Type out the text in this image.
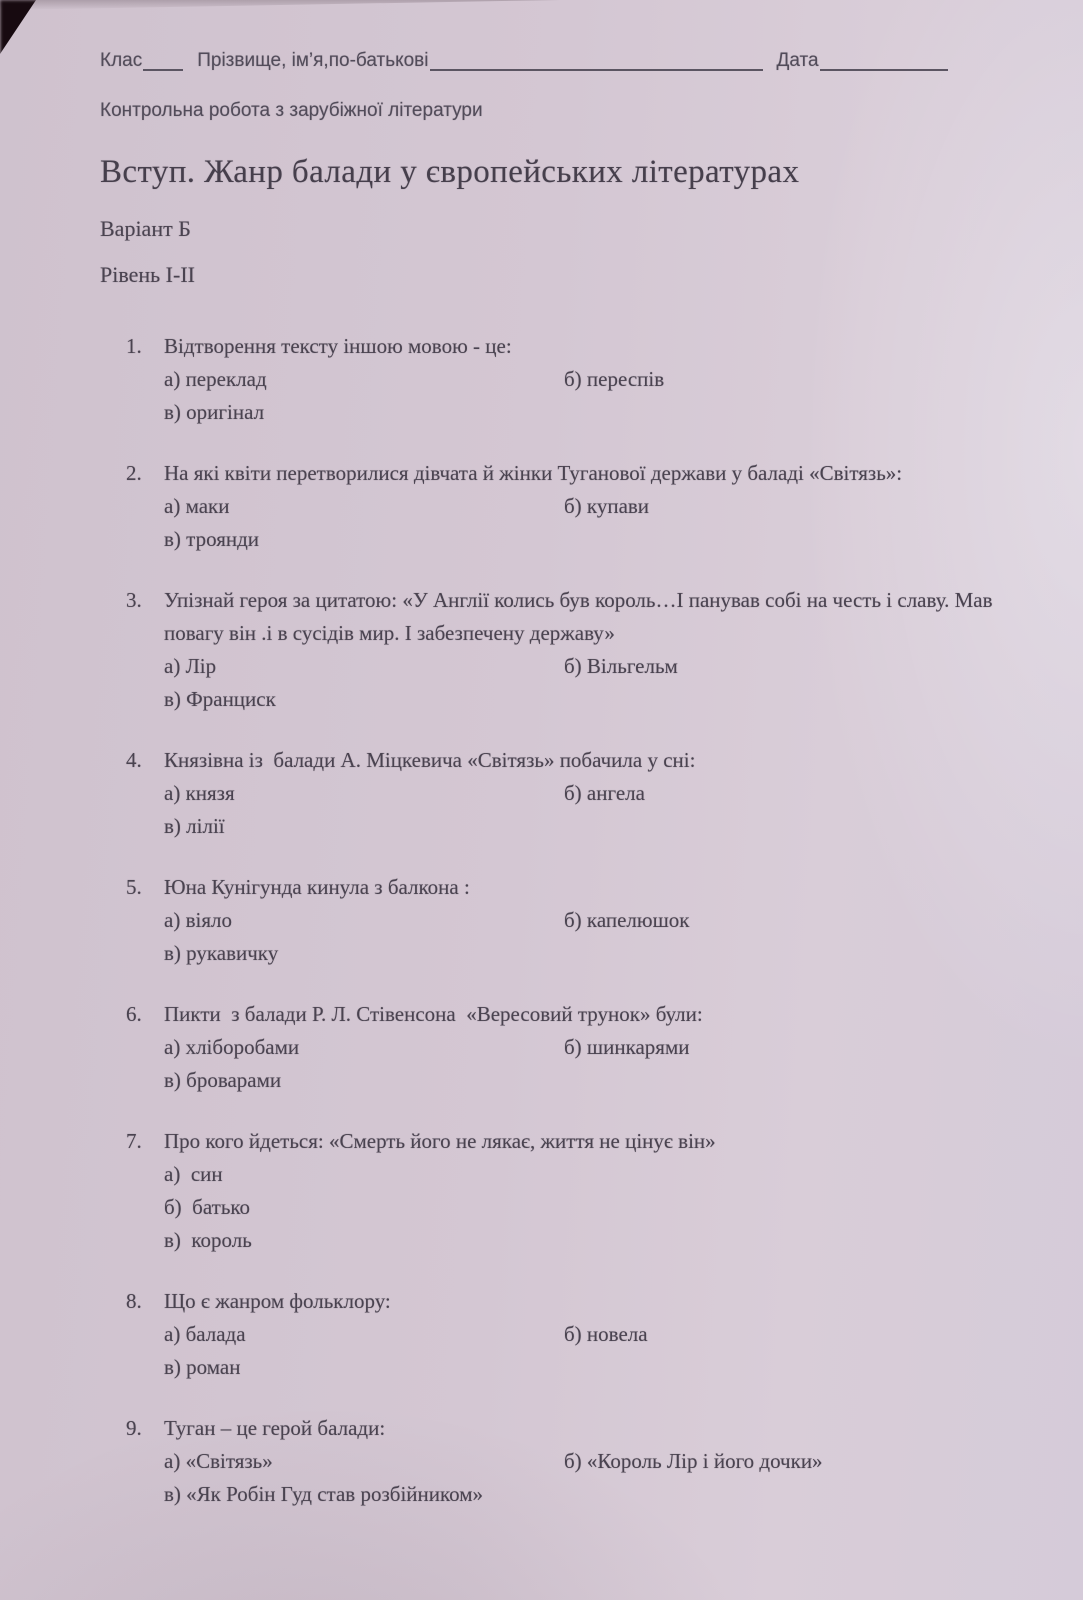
Клас	Прізвище, ім’я,по-батькові	Дата
Контрольна робота з зарубіжної літератури
Вступ. Жанр балади у європейських літературах
Варіант Б
Рівень I-II
1.	Відтворення тексту іншою мовою - це:
а) переклад	б) переспів
в) оригінал
2.	На які квіти перетворилися дівчата й жінки Туганової держави у баладі «Світязь»:
а) маки	б) купави
в) троянди
3.	Упізнай героя за цитатою: «У Англії колись був король…І панував собі на честь і славу. Мав повагу він .і в сусідів мир. І забезпечену державу»
а) Лір	б) Вільгельм
в) Франциск
4.	Князівна із  балади А. Міцкевича «Світязь» побачила у сні:
а) князя	б) ангела
в) лілії
5.	Юна Кунігунда кинула з балкона :
а) віяло	б) капелюшок
в) рукавичку
6.	Пикти  з балади Р. Л. Стівенсона  «Вересовий трунок» були:
а) хліборобами	б) шинкарями
в) броварами
7.	Про кого йдеться: «Смерть його не лякає, життя не цінує він»
а)  син
б)  батько
в)  король
8.	Що є жанром фольклору:
а) балада	б) новела
в) роман
9.	Туган – це герой балади:
а) «Світязь»	б) «Король Лір і його дочки»
в) «Як Робін Гуд став розбійником»
